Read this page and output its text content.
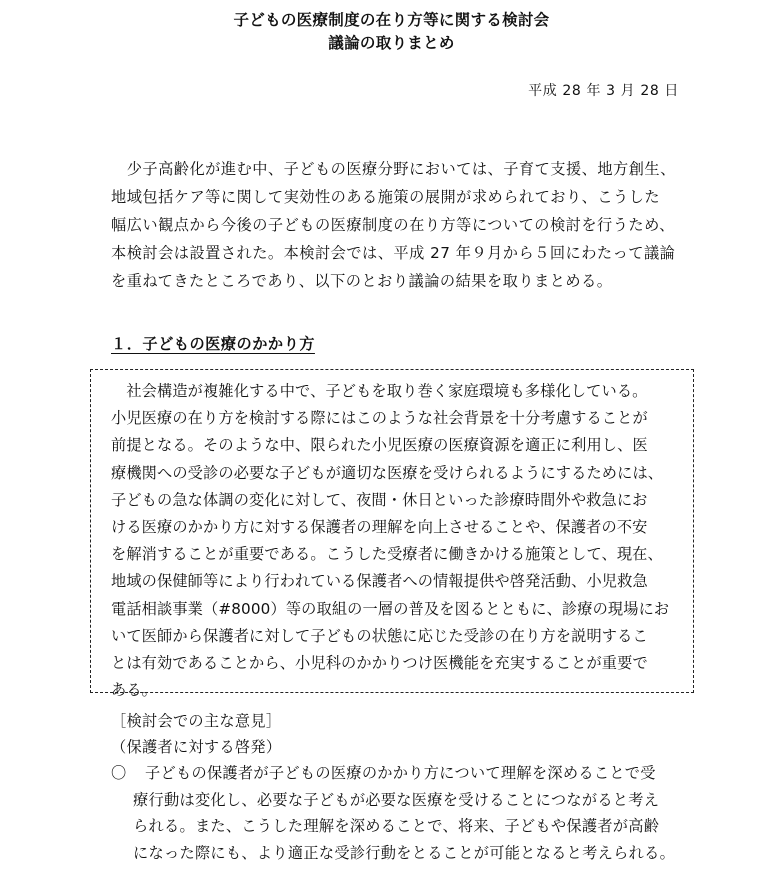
子どもの医療制度の在り方等に関する検討会
議論の取りまとめ
平成 28 年 3 月 28 日
　少子高齢化が進む中、子どもの医療分野においては、子育て支援、地方創生、
地域包括ケア等に関して実効性のある施策の展開が求められており、こうした
幅広い観点から今後の子どもの医療制度の在り方等についての検討を行うため、
本検討会は設置された。本検討会では、平成 27 年９月から５回にわたって議論
を重ねてきたところであり、以下のとおり議論の結果を取りまとめる。
１．子どもの医療のかかり方
　社会構造が複雑化する中で、子どもを取り巻く家庭環境も多様化している。
小児医療の在り方を検討する際にはこのような社会背景を十分考慮することが
前提となる。そのような中、限られた小児医療の医療資源を適正に利用し、医
療機関への受診の必要な子どもが適切な医療を受けられるようにするためには、
子どもの急な体調の変化に対して、夜間・休日といった診療時間外や救急にお
ける医療のかかり方に対する保護者の理解を向上させることや、保護者の不安
を解消することが重要である。こうした受療者に働きかける施策として、現在、
地域の保健師等により行われている保護者への情報提供や啓発活動、小児救急
電話相談事業（#8000）等の取組の一層の普及を図るとともに、診療の現場にお
いて医師から保護者に対して子どもの状態に応じた受診の在り方を説明するこ
とは有効であることから、小児科のかかりつけ医機能を充実することが重要で
ある。
［検討会での主な意見］
（保護者に対する啓発）
〇 子どもの保護者が子どもの医療のかかり方について理解を深めることで受
療行動は変化し、必要な子どもが必要な医療を受けることにつながると考え
られる。また、こうした理解を深めることで、将来、子どもや保護者が高齢
になった際にも、より適正な受診行動をとることが可能となると考えられる。
